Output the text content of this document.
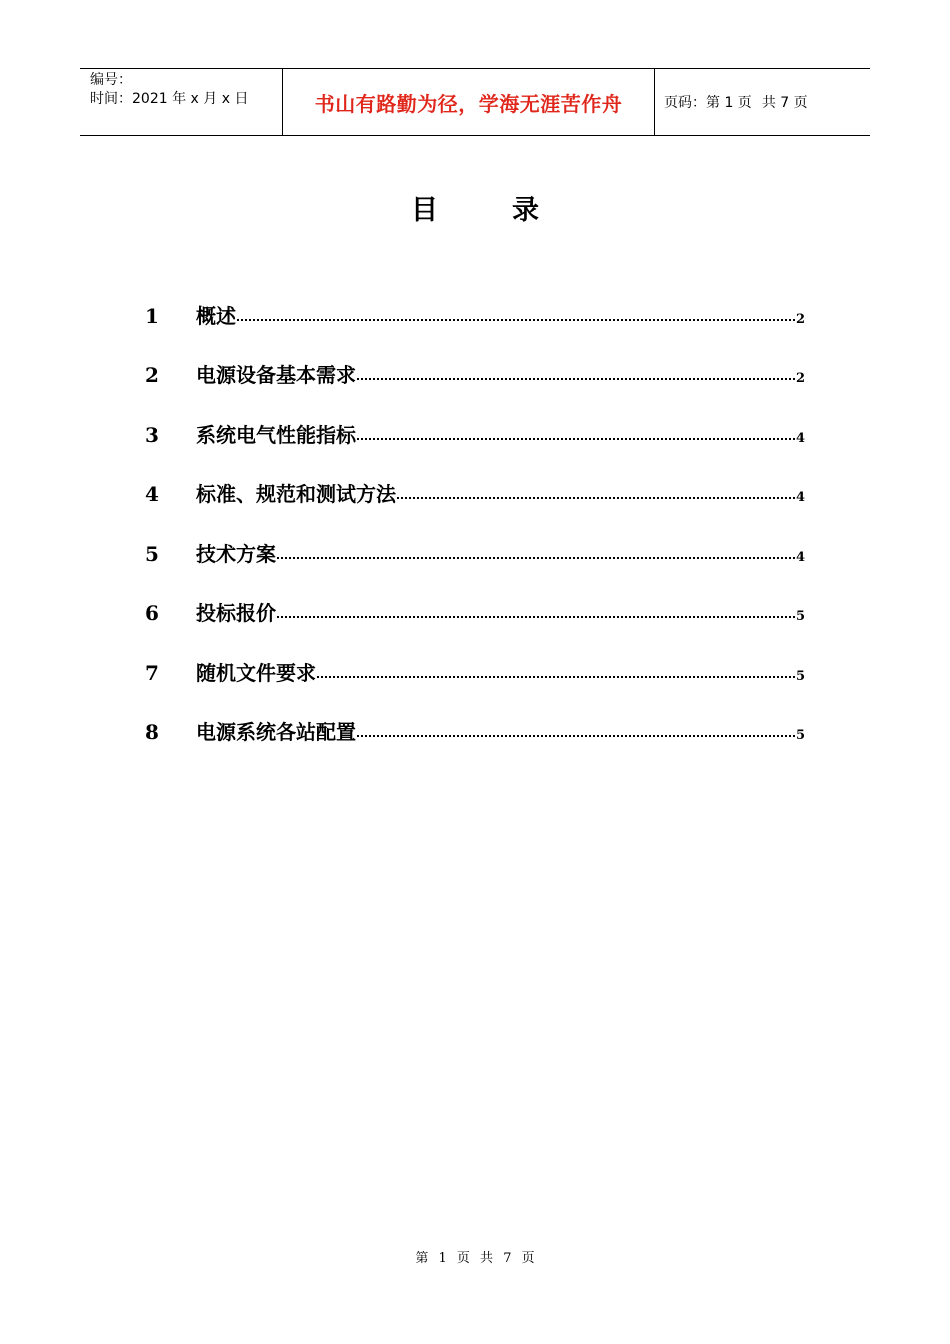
编号：
时间：2021 年 x 月 x 日	书山有路勤为径，学海无涯苦作舟	页码：第 1 页 共 7 页
目录
1	概述	2
2	电源设备基本需求	2
3	系统电气性能指标	4
4	标准、规范和测试方法	4
5	技术方案	4
6	投标报价	5
7	随机文件要求	5
8	电源系统各站配置	5
第 1 页 共 7 页
